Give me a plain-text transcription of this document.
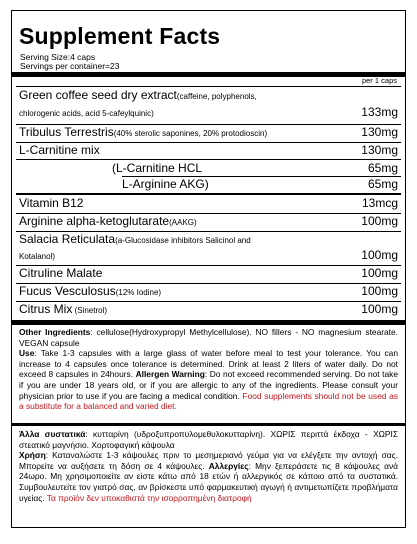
Supplement Facts
Serving Size:4 caps
Servings per container=23
per 1 caps
Green coffee seed dry extract(caffeine, polyphenols,
chlorogenic acids, acid 5-cafeylquinic)	133mg
Tribulus Terrestris(40% sterolic saponines, 20% protodioscin)	130mg
L-Carnitine mix	130mg
(L-Carnitine HCL	65mg
L-Arginine AKG)	65mg
Vitamin B12	13mcg
Arginine alpha-ketoglutarate(AAKG)	100mg
Salacia Reticulata(a-Glucosidase inhibitors Salicinol and
Kotalanol)	100mg
Citruline Malate	100mg
Fucus Vesculosus(12% Iodine)	100mg
Citrus Mix (Sinetrol)	100mg
Other Ingredients: cellulose(Hydroxypropyl Methylcellulose). NO fillers - NO magnesium stearate. VEGAN capsule
Use: Take 1-3 capsules with a large glass of water before meal to test your tolerance. You can increase to 4 capsules once tolerance is determined. Drink at least 2 liters of water daily. Do not exceed 8 capsules in 24hours. Allergen Warning: Do not exceed recommended serving. Do not take if you are under 18 years old, or if you are allergic to any of the ingredients. Please consult your physician prior to use if you are facing a medical condition. Food supplements should not be used as a substitute for a balanced and varied diet.
Άλλα συστατικά: κυτταρίνη (υδροξυπροπυλομεθυλοκυτταρίνη). ΧΩΡΙΣ περιττά έκδοχα - ΧΩΡΙΣ στεατικό μαγνήσιο. Χορτοφαγική κάψουλα
Χρήση: Καταναλώστε 1-3 κάψουλες πριν το μεσημεριανό γεύμα για να ελέγξετε την αντοχή σας. Μπορείτε να αυξήσετε τη δόση σε 4 κάψουλες. Αλλεργίες: Μην ξεπεράσετε τις 8 κάψουλες ανά 24ωρο. Μη χρησιμοποιείτε αν είστε κάτω από 18 ετών ή αλλεργικός σε κάποιο από τα συστατικά. Συμβουλευτείτε τον γιατρό σας, αν βρίσκεστε υπό φαρμακευτική αγωγή ή αντιμετωπίζετε προβλήματα υγείας. Τα προϊόν δεν υποκαθιστά την ισορροπημένη διατροφή
